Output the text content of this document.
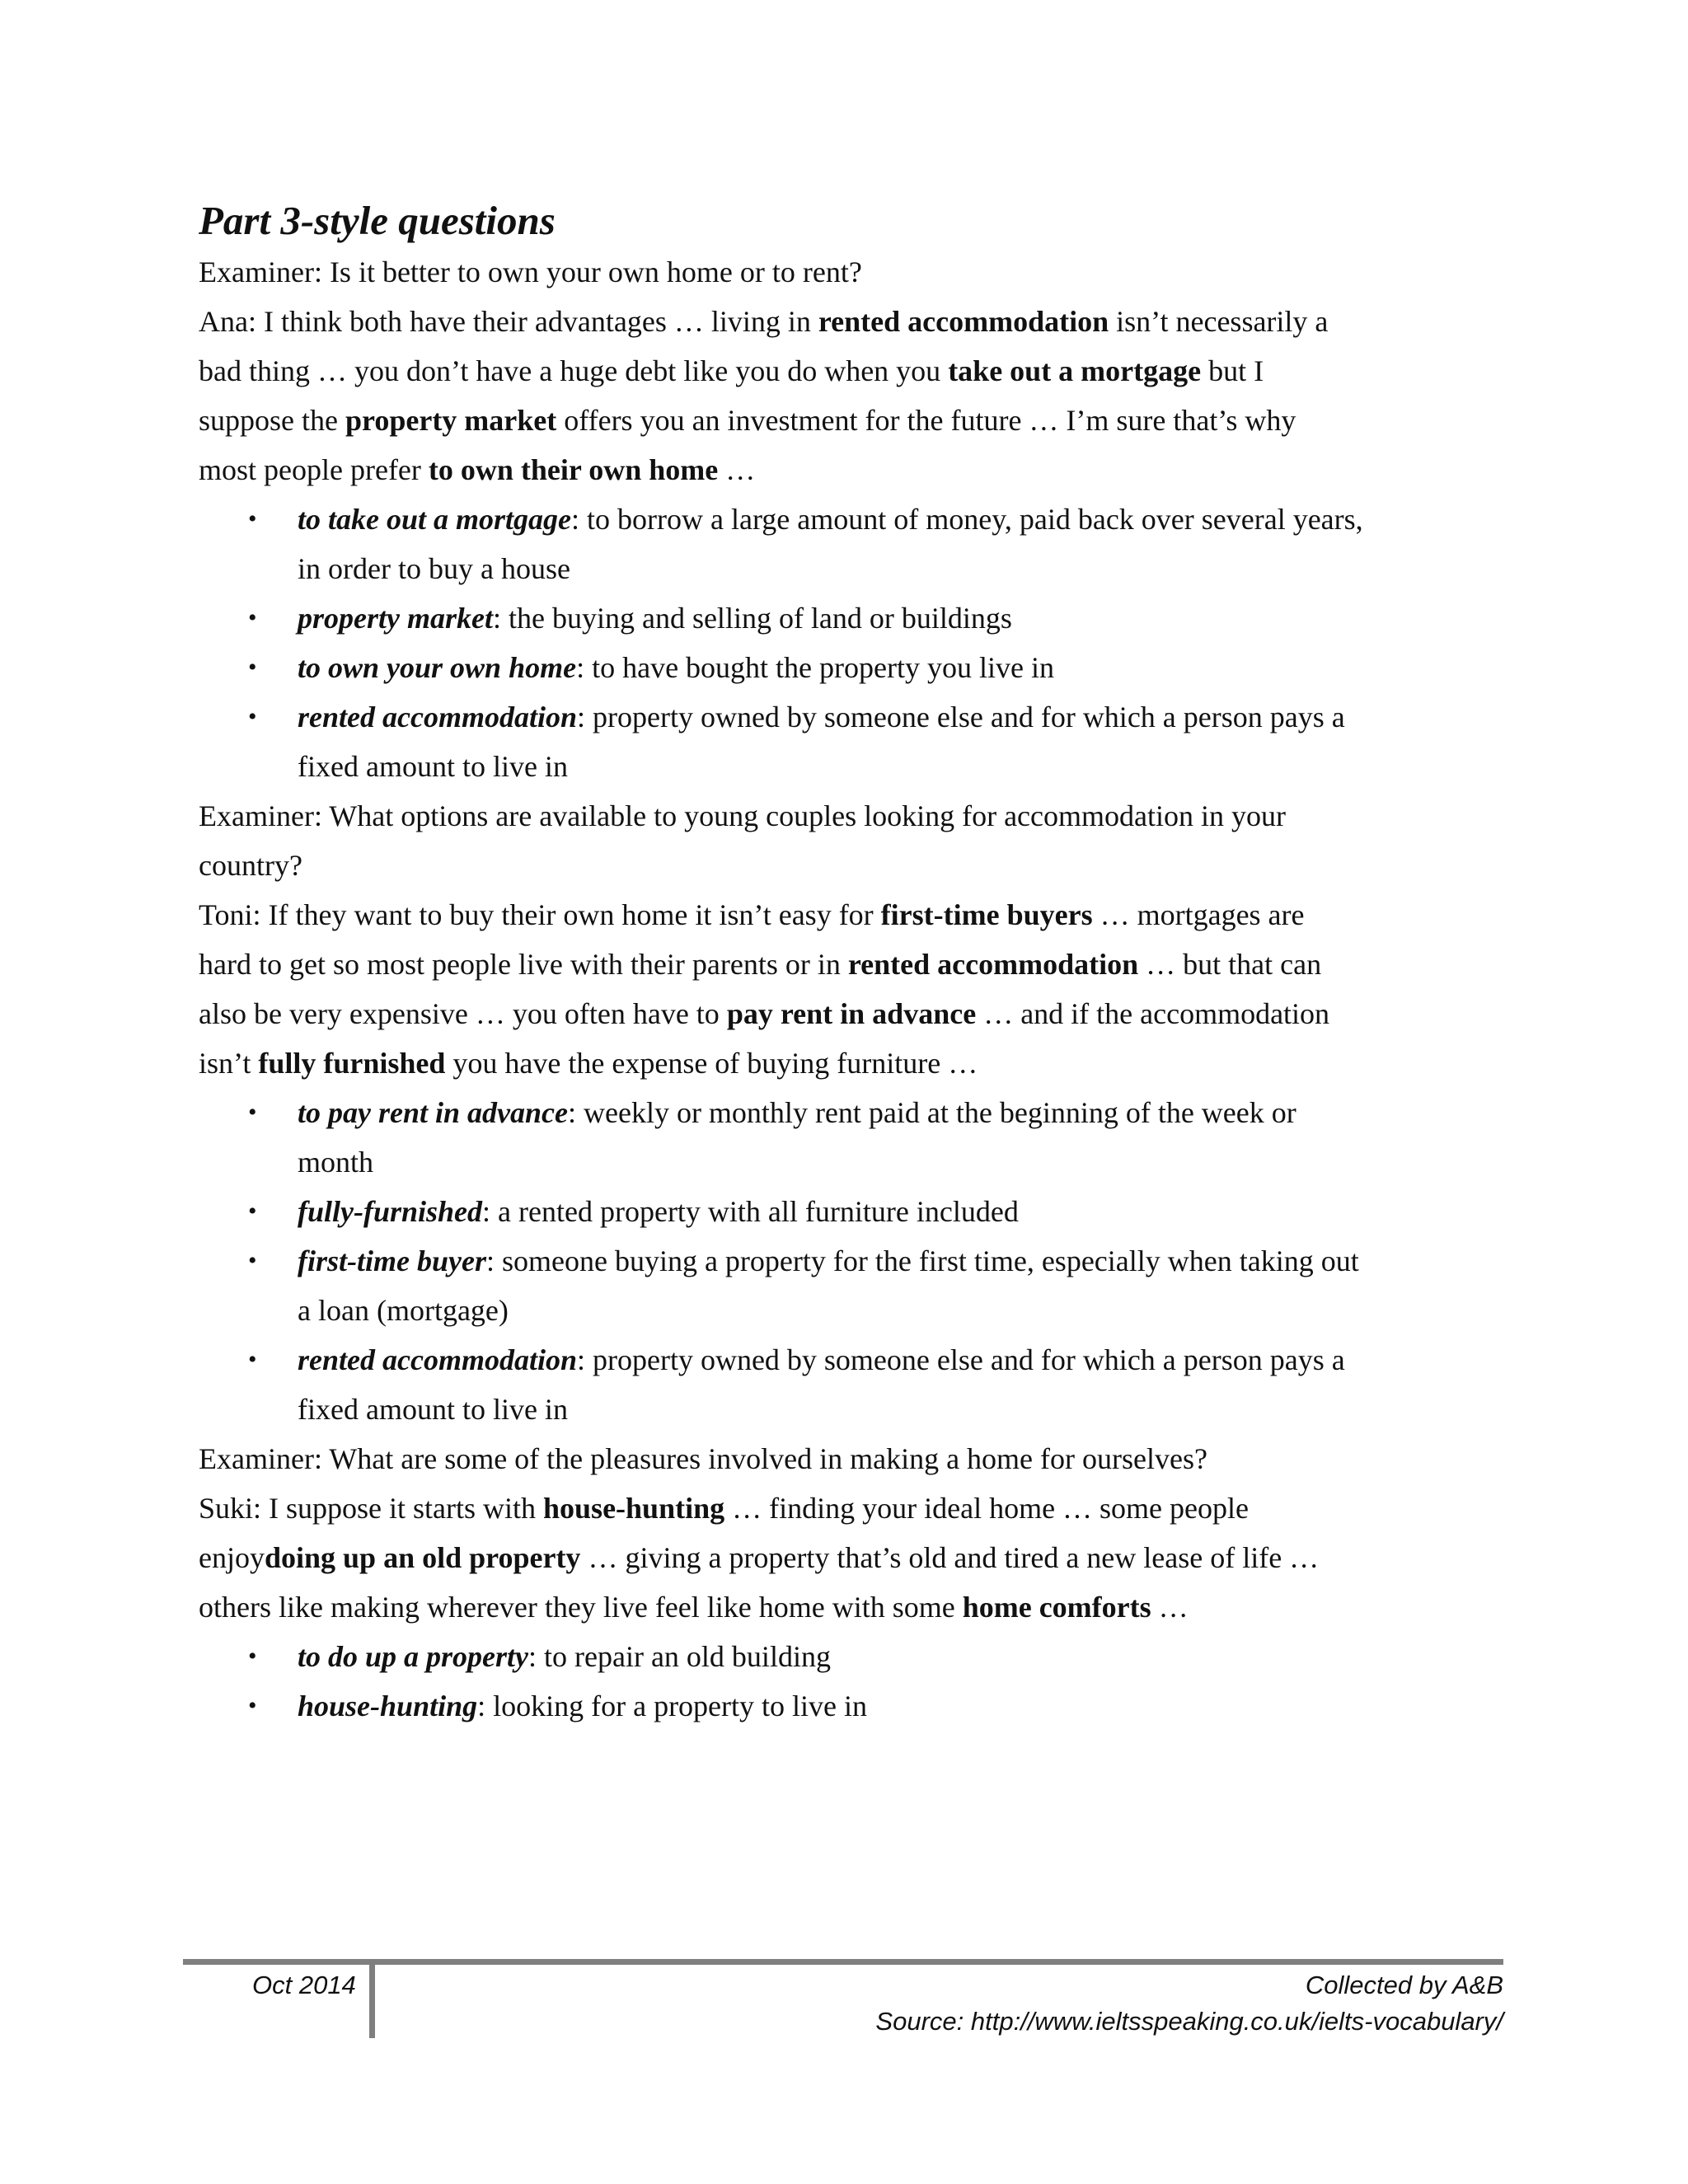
Part 3-style questions
Examiner: Is it better to own your own home or to rent?
Ana: I think both have their advantages … living in rented accommodation isn’t necessarily a
bad thing … you don’t have a huge debt like you do when you take out a mortgage but I
suppose the property market offers you an investment for the future … I’m sure that’s why
most people prefer to own their own home …
• to take out a mortgage: to borrow a large amount of money, paid back over several years,
in order to buy a house
• property market: the buying and selling of land or buildings
• to own your own home: to have bought the property you live in
• rented accommodation: property owned by someone else and for which a person pays a
fixed amount to live in
Examiner: What options are available to young couples looking for accommodation in your
country?
Toni: If they want to buy their own home it isn’t easy for first-time buyers … mortgages are
hard to get so most people live with their parents or in rented accommodation … but that can
also be very expensive … you often have to pay rent in advance … and if the accommodation
isn’t fully furnished you have the expense of buying furniture …
• to pay rent in advance: weekly or monthly rent paid at the beginning of the week or
month
• fully-furnished: a rented property with all furniture included
• first-time buyer: someone buying a property for the first time, especially when taking out
a loan (mortgage)
• rented accommodation: property owned by someone else and for which a person pays a
fixed amount to live in
Examiner: What are some of the pleasures involved in making a home for ourselves?
Suki: I suppose it starts with house-hunting … finding your ideal home … some people
enjoydoing up an old property … giving a property that’s old and tired a new lease of life …
others like making wherever they live feel like home with some home comforts …
• to do up a property: to repair an old building
• house-hunting: looking for a property to live in
Oct 2014	Collected by A&B
Source: http://www.ieltsspeaking.co.uk/ielts-vocabulary/
